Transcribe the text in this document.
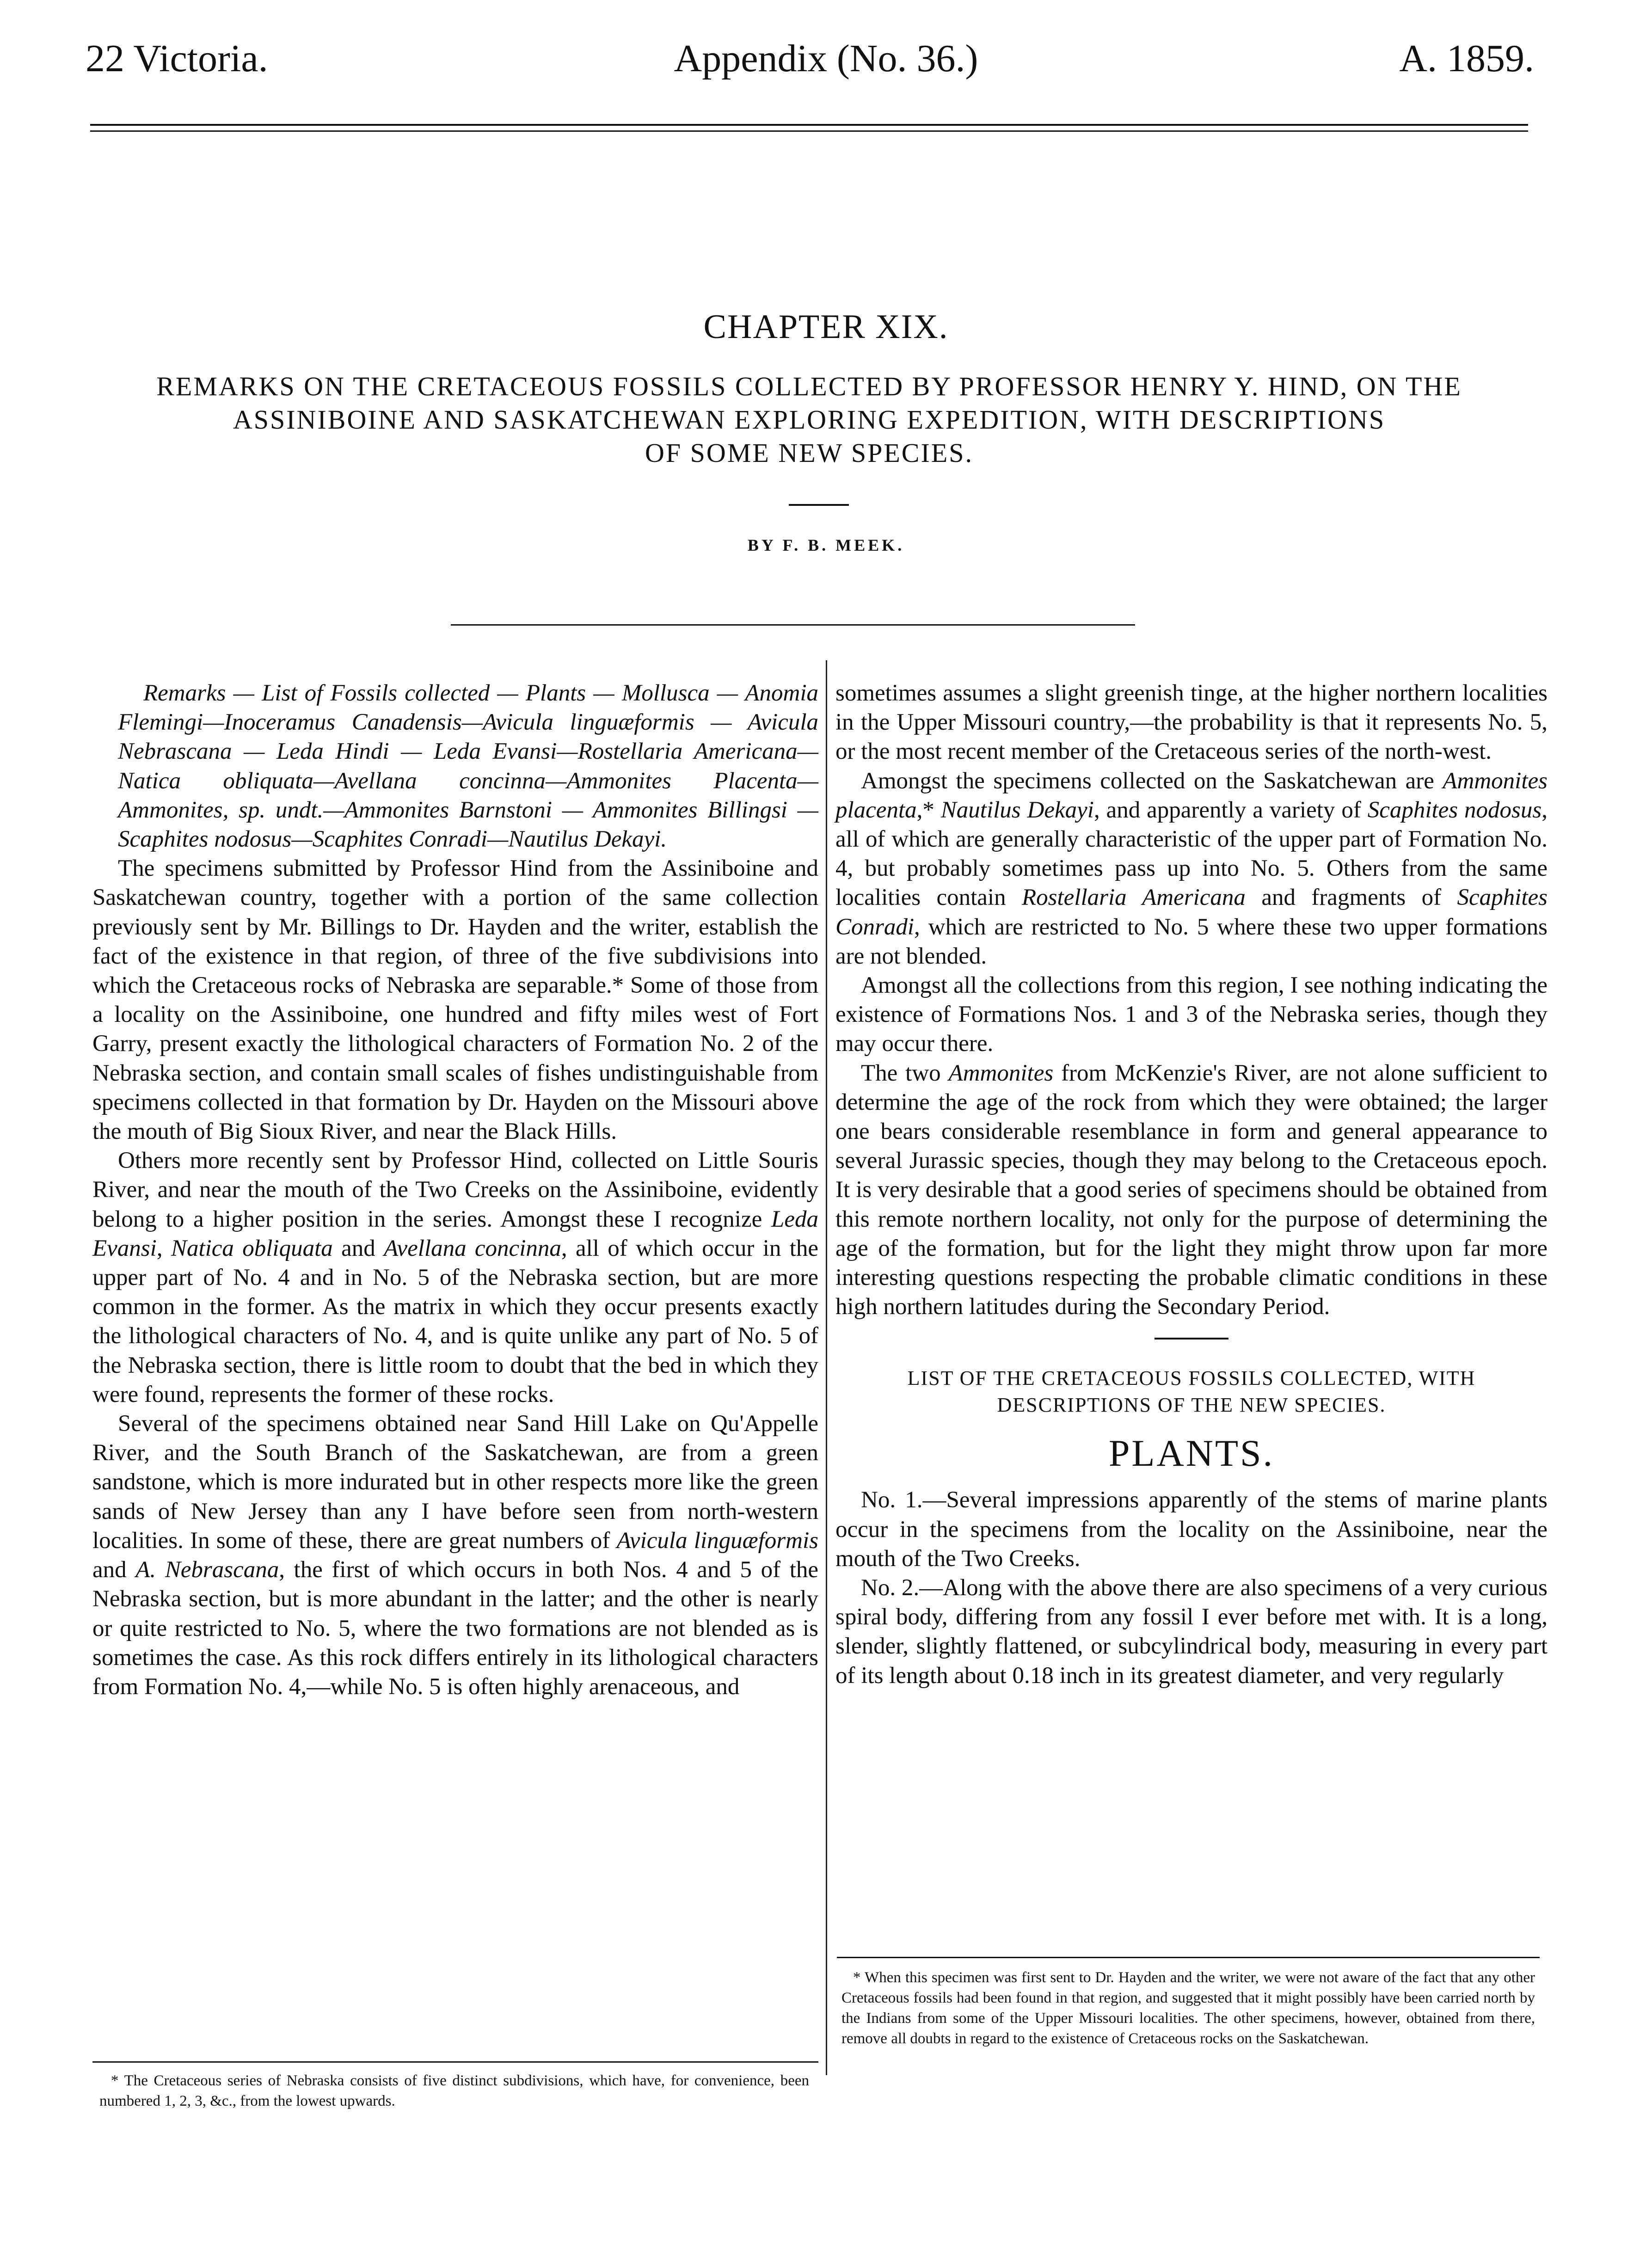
22 Victoria.	Appendix (No. 36.)	A. 1859.
CHAPTER XIX.
REMARKS ON THE CRETACEOUS FOSSILS COLLECTED BY PROFESSOR HENRY Y. HIND, ON THE
ASSINIBOINE AND SASKATCHEWAN EXPLORING EXPEDITION, WITH DESCRIPTIONS
OF SOME NEW SPECIES.
BY F. B. MEEK.

Remarks — List of Fossils collected — Plants — Mollusca — Anomia Flemingi—Inoceramus Canadensis—Avicula linguæformis — Avicula Nebrascana — Leda Hindi — Leda Evansi—Rostellaria Americana—Natica obliquata—Avellana concinna—Ammonites Placenta—Ammonites, sp. undt.—Ammonites Barnstoni — Ammonites Billingsi — Scaphites nodosus—Scaphites Conradi—Nautilus Dekayi.

The specimens submitted by Professor Hind from the Assiniboine and Saskatchewan country, together with a portion of the same collection previously sent by Mr. Billings to Dr. Hayden and the writer, establish the fact of the existence in that region, of three of the five subdivisions into which the Cretaceous rocks of Nebraska are separable.* Some of those from a locality on the Assiniboine, one hundred and fifty miles west of Fort Garry, present exactly the lithological characters of Formation No. 2 of the Nebraska section, and contain small scales of fishes undistinguishable from specimens collected in that formation by Dr. Hayden on the Missouri above the mouth of Big Sioux River, and near the Black Hills.

Others more recently sent by Professor Hind, collected on Little Souris River, and near the mouth of the Two Creeks on the Assiniboine, evidently belong to a higher position in the series. Amongst these I recognize Leda Evansi, Natica obliquata and Avellana concinna, all of which occur in the upper part of No. 4 and in No. 5 of the Nebraska section, but are more common in the former. As the matrix in which they occur presents exactly the lithological characters of No. 4, and is quite unlike any part of No. 5 of the Nebraska section, there is little room to doubt that the bed in which they were found, represents the former of these rocks.

Several of the specimens obtained near Sand Hill Lake on Qu'Appelle River, and the South Branch of the Saskatchewan, are from a green sandstone, which is more indurated but in other respects more like the green sands of New Jersey than any I have before seen from north-western localities. In some of these, there are great numbers of Avicula linguæformis and A. Nebrascana, the first of which occurs in both Nos. 4 and 5 of the Nebraska section, but is more abundant in the latter; and the other is nearly or quite restricted to No. 5, where the two formations are not blended as is sometimes the case. As this rock differs entirely in its lithological characters from Formation No. 4,—while No. 5 is often highly arenaceous, and

* The Cretaceous series of Nebraska consists of five distinct subdivisions, which have, for convenience, been numbered 1, 2, 3, &c., from the lowest upwards.

sometimes assumes a slight greenish tinge, at the higher northern localities in the Upper Missouri country,—the probability is that it represents No. 5, or the most recent member of the Cretaceous series of the north-west.

Amongst the specimens collected on the Saskatchewan are Ammonites placenta,* Nautilus Dekayi, and apparently a variety of Scaphites nodosus, all of which are generally characteristic of the upper part of Formation No. 4, but probably sometimes pass up into No. 5. Others from the same localities contain Rostellaria Americana and fragments of Scaphites Conradi, which are restricted to No. 5 where these two upper formations are not blended.

Amongst all the collections from this region, I see nothing indicating the existence of Formations Nos. 1 and 3 of the Nebraska series, though they may occur there.

The two Ammonites from McKenzie's River, are not alone sufficient to determine the age of the rock from which they were obtained; the larger one bears considerable resemblance in form and general appearance to several Jurassic species, though they may belong to the Cretaceous epoch. It is very desirable that a good series of specimens should be obtained from this remote northern locality, not only for the purpose of determining the age of the formation, but for the light they might throw upon far more interesting questions respecting the probable climatic conditions in these high northern latitudes during the Secondary Period.

LIST OF THE CRETACEOUS FOSSILS COLLECTED, WITH
DESCRIPTIONS OF THE NEW SPECIES.
PLANTS.

No. 1.—Several impressions apparently of the stems of marine plants occur in the specimens from the locality on the Assiniboine, near the mouth of the Two Creeks.

No. 2.—Along with the above there are also specimens of a very curious spiral body, differing from any fossil I ever before met with. It is a long, slender, slightly flattened, or subcylindrical body, measuring in every part of its length about 0.18 inch in its greatest diameter, and very regularly

* When this specimen was first sent to Dr. Hayden and the writer, we were not aware of the fact that any other Cretaceous fossils had been found in that region, and suggested that it might possibly have been carried north by the Indians from some of the Upper Missouri localities. The other specimens, however, obtained from there, remove all doubts in regard to the existence of Cretaceous rocks on the Saskatchewan.
